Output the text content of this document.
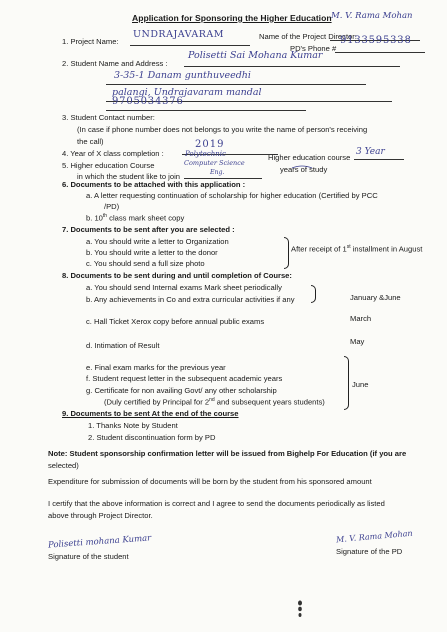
Application for Sponsoring the Higher Education
1. Project Name:
UNDRAJAVARAM	Name of the Project Director:
M. V. Rama Mohan
PD's Phone #
9133595338
2. Student Name and Address :
Polisetti Sai Mohana Kumar
3-35-1 Danam gunthuveedhi
palangi, Undrajavaram mandal
9705034376
3. Student Contact number:
(In case if phone number does not belongs to you write the name of person's receiving
the call)
4. Year of X class completion :
2019
5. Higher education Course
in which the student like to join
Polytechnic
Computer Science
Eng.
Higher education course
years of study
3 Year
6. Documents to be attached with this application :
a. A letter requesting continuation of scholarship for higher education (Certified by PCC
/PD)
b. 10th class mark sheet copy
7. Documents to be sent after you are selected :
a. You should write a letter to Organization
b. You should write a letter to the donor
c. You should send a full size photo
After receipt of 1st installment in August
8. Documents to be sent during and until completion of Course:
a. You should send Internal exams Mark sheet periodically
b. Any achievements in Co and extra curricular activities if any	January &June
c. Hall Ticket Xerox copy before annual public exams	March
d. Intimation of Result	May
e. Final exam marks for the previous year
f. Student request letter in the subsequent academic years
g. Certificate for non availing Govt/ any other scholarship
(Duly certified by Principal for 2nd and subsequent years students)
June
9. Documents to be sent At the end of the course
1. Thanks Note by Student
2. Student discontinuation form by PD
Note: Student sponsorship confirmation letter will be issued from Bighelp For Education (if you are
selected)
Expenditure for submission of documents will be born by the student from his sponsored amount
I certify that the above information is correct and I agree to send the documents periodically as listed
above through Project Director.
Polisetti mohana Kumar
Signature of the student
M. V. Rama Mohan
Signature of the PD
